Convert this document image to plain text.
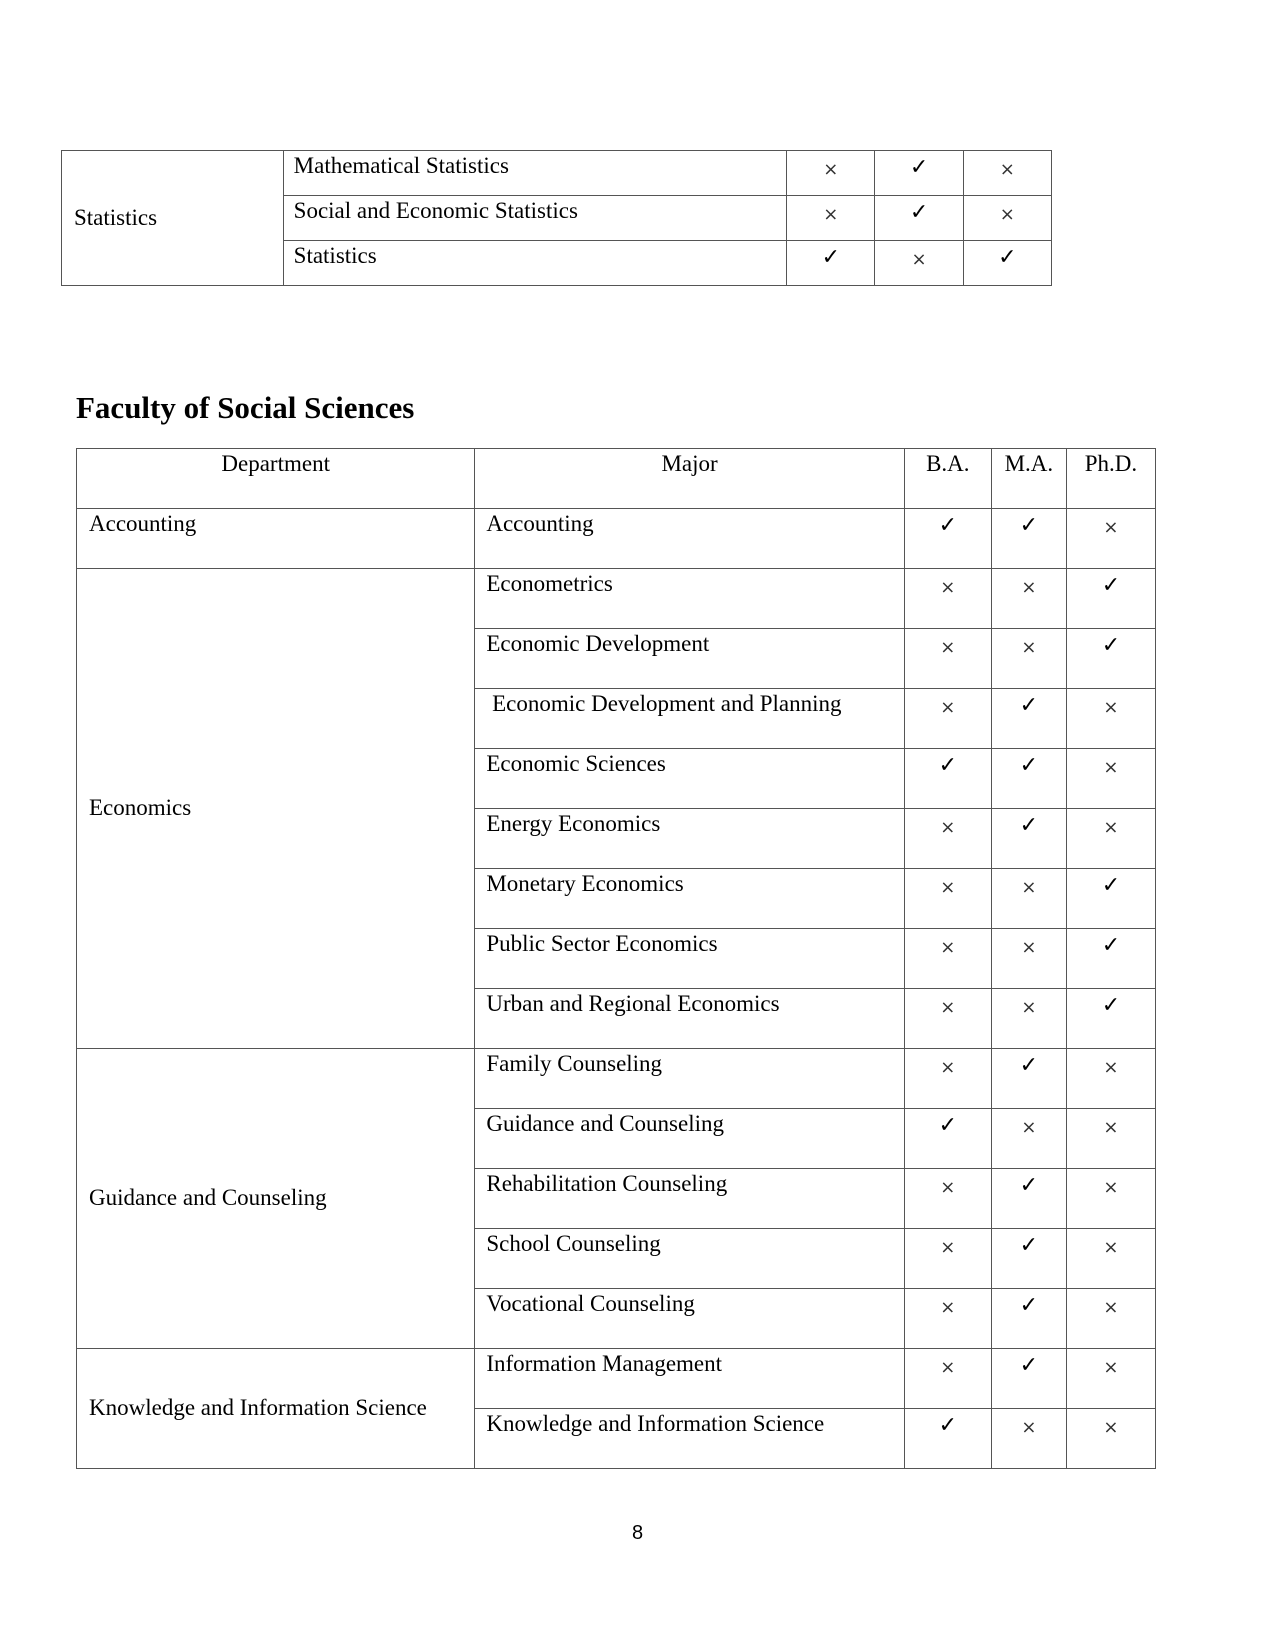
Statistics	Mathematical Statistics	×	✓	×
	Social and Economic Statistics	×	✓	×
	Statistics	✓	×	✓
Faculty of Social Sciences
Department	Major	B.A.	M.A.	Ph.D.
Accounting	Accounting	✓	✓	×
Economics	Econometrics	×	×	✓
	Economic Development	×	×	✓
	Economic Development and Planning	×	✓	×
	Economic Sciences	✓	✓	×
	Energy Economics	×	✓	×
	Monetary Economics	×	×	✓
	Public Sector Economics	×	×	✓
	Urban and Regional Economics	×	×	✓
Guidance and Counseling	Family Counseling	×	✓	×
	Guidance and Counseling	✓	×	×
	Rehabilitation Counseling	×	✓	×
	School Counseling	×	✓	×
	Vocational Counseling	×	✓	×
Knowledge and Information Science	Information Management	×	✓	×
	Knowledge and Information Science	✓	×	×
8
